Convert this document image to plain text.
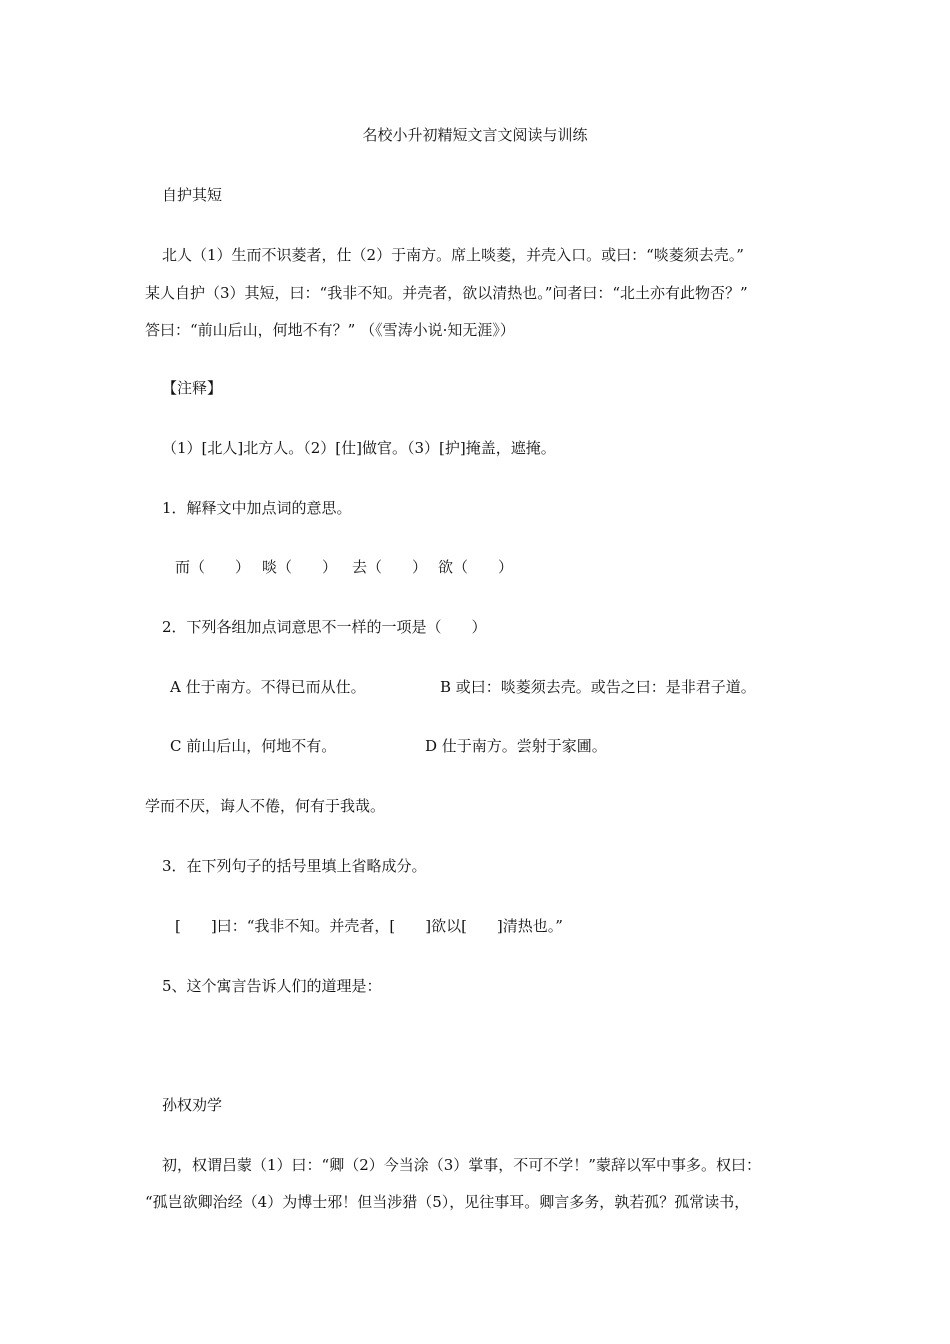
名校小升初精短文言文阅读与训练
自护其短
北人（1）生而不识菱者，仕（2）于南方。席上啖菱，并壳入口。或曰：“啖菱须去壳。”
某人自护（3）其短，曰：“我非不知。并壳者，欲以清热也。”问者曰：“北土亦有此物否？”
答曰：“前山后山，何地不有？” （《雪涛小说·知无涯》）
【注释】
（1）[北人]北方人。（2）[仕]做官。（3）[护]掩盖，遮掩。
1．解释文中加点词的意思。
而（　　） 啖（　　） 去（　　） 欲（　　）
2．下列各组加点词意思不一样的一项是（　　）
A 仕于南方。不得已而从仕。	B 或曰：啖菱须去壳。或告之曰：是非君子道。
C 前山后山，何地不有。	D 仕于南方。尝射于家圃。
学而不厌，诲人不倦，何有于我哉。
3．在下列句子的括号里填上省略成分。
[　　]曰：“我非不知。并壳者，[　　]欲以[　　]清热也。”
5、这个寓言告诉人们的道理是：
孙权劝学
初，权谓吕蒙（1）曰：“卿（2）今当涂（3）掌事，不可不学！”蒙辞以军中事多。权曰：
“孤岂欲卿治经（4）为博士邪！但当涉猎（5），见往事耳。卿言多务，孰若孤？孤常读书，
